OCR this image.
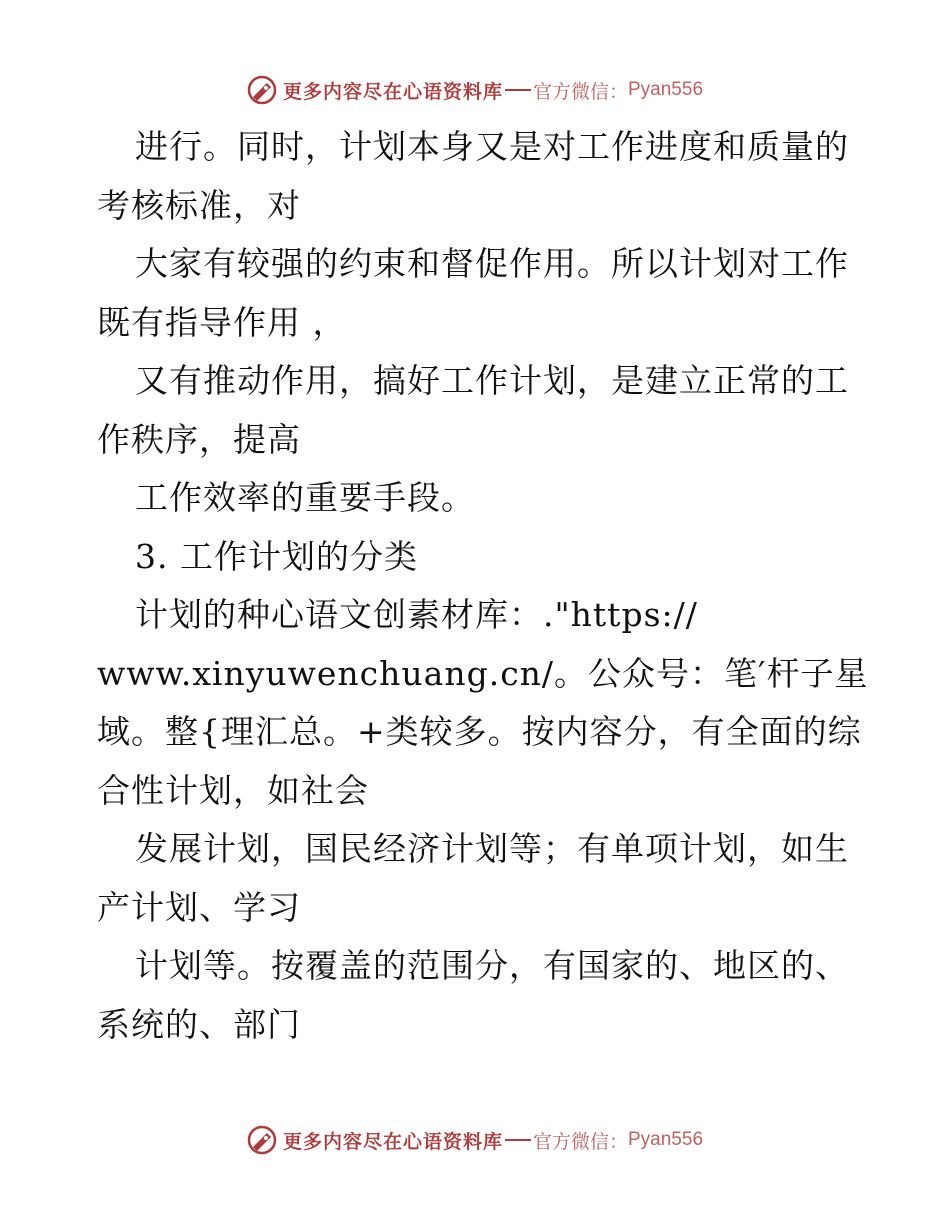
更多内容尽在心语资料库 官方微信： Pyan556
进行。同时，计划本身又是对工作进度和质量的
考核标准，对
大家有较强的约束和督促作用。所以计划对工作
既有指导作用 ，
又有推动作用，搞好工作计划，是建立正常的工
作秩序，提高
工作效率的重要手段。
3. 工作计划的分类
计划的种心语文创素材库：."https://
www.xinyuwenchuang.cn/。公众号：笔′杆子星
域。整{理汇总。+类较多。按内容分，有全面的综
合性计划，如社会
发展计划，国民经济计划等；有单项计划，如生
产计划、学习
计划等。按覆盖的范围分，有国家的、地区的、
系统的、部门
更多内容尽在心语资料库 官方微信： Pyan556
